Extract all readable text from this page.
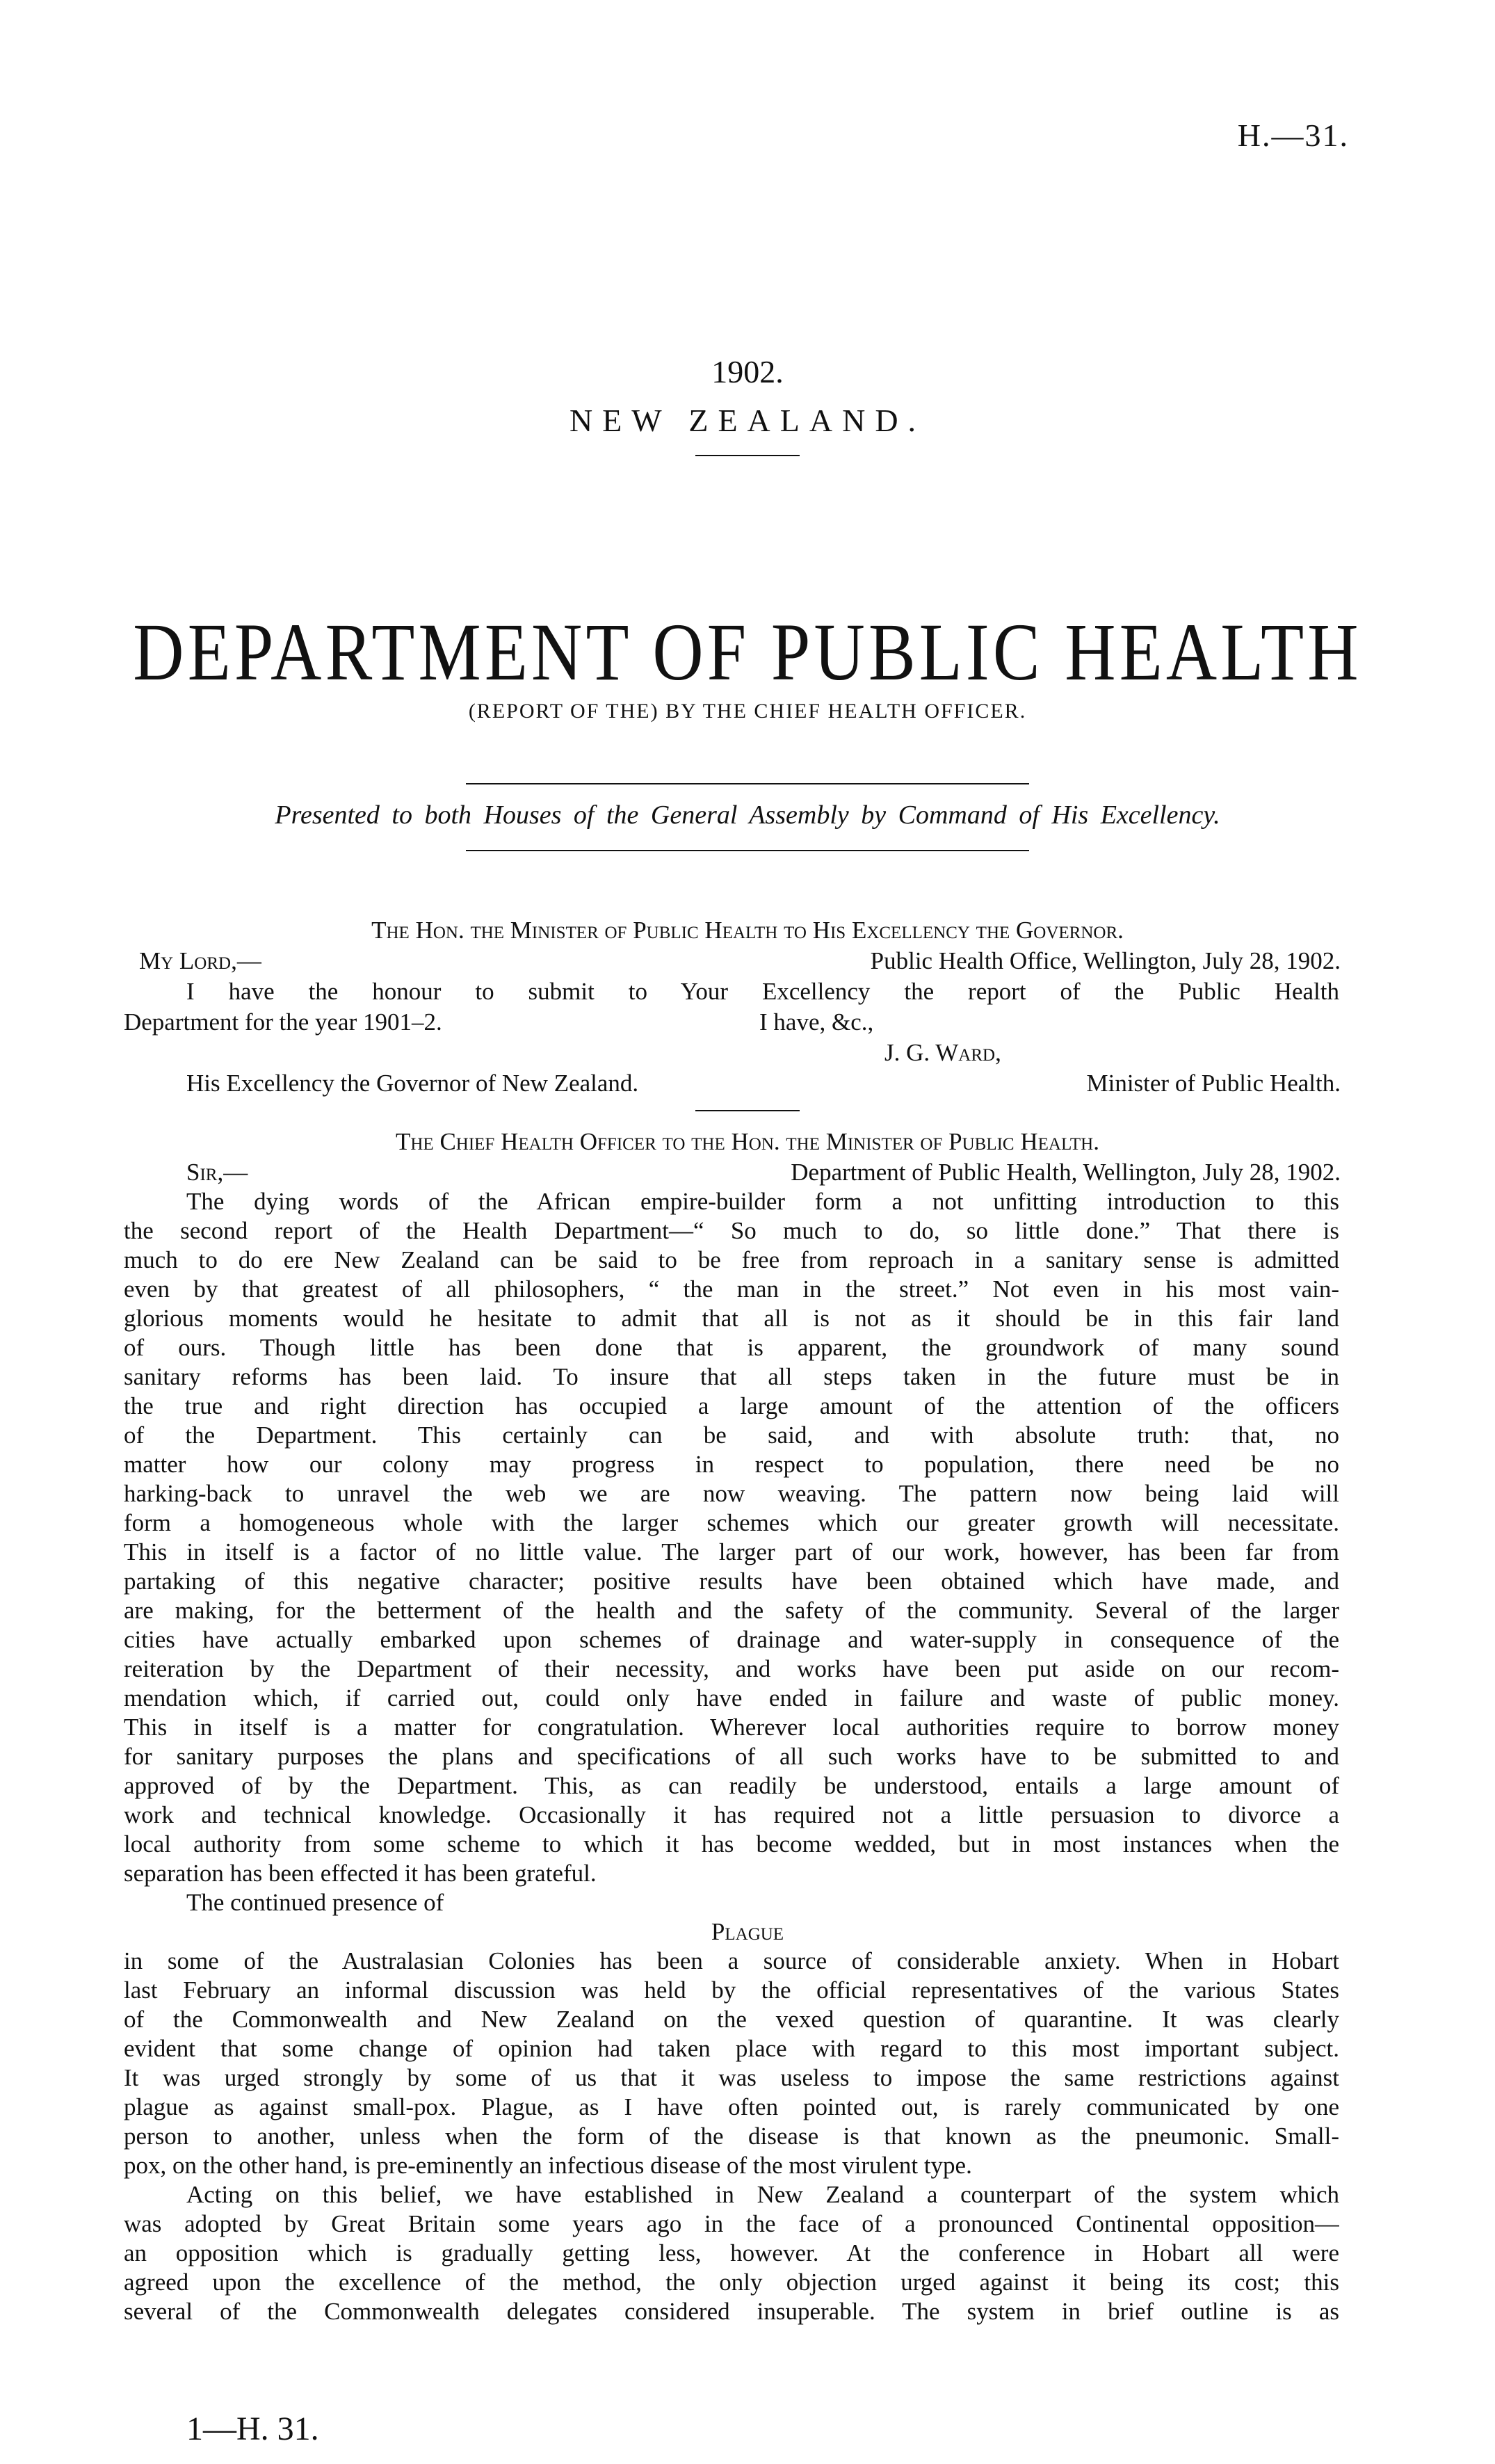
H.—31.
1902.
NEW ZEALAND.
DEPARTMENT OF PUBLIC HEALTH
(REPORT OF THE) BY THE CHIEF HEALTH OFFICER.
Presented to both Houses of the General Assembly by Command of His Excellency.
The Hon. the Minister of Public Health to His Excellency the Governor.
My Lord,—	Public Health Office, Wellington, July 28, 1902.
I have the honour to submit to Your Excellency the report of the Public Health
Department for the year 1901–2.	I have, &c.,
J. G. Ward,
His Excellency the Governor of New Zealand.	Minister of Public Health.
The Chief Health Officer to the Hon. the Minister of Public Health.
Sir,—	Department of Public Health, Wellington, July 28, 1902.
The dying words of the African empire-builder form a not unfitting introduction to this
the second report of the Health Department—“ So much to do, so little done.” That there is
much to do ere New Zealand can be said to be free from reproach in a sanitary sense is admitted
even by that greatest of all philosophers, “ the man in the street.” Not even in his most vain-
glorious moments would he hesitate to admit that all is not as it should be in this fair land
of ours. Though little has been done that is apparent, the groundwork of many sound
sanitary reforms has been laid. To insure that all steps taken in the future must be in
the true and right direction has occupied a large amount of the attention of the officers
of the Department. This certainly can be said, and with absolute truth: that, no
matter how our colony may progress in respect to population, there need be no
harking-back to unravel the web we are now weaving. The pattern now being laid will
form a homogeneous whole with the larger schemes which our greater growth will necessitate.
This in itself is a factor of no little value. The larger part of our work, however, has been far from
partaking of this negative character; positive results have been obtained which have made, and
are making, for the betterment of the health and the safety of the community. Several of the larger
cities have actually embarked upon schemes of drainage and water-supply in consequence of the
reiteration by the Department of their necessity, and works have been put aside on our recom-
mendation which, if carried out, could only have ended in failure and waste of public money.
This in itself is a matter for congratulation. Wherever local authorities require to borrow money
for sanitary purposes the plans and specifications of all such works have to be submitted to and
approved of by the Department. This, as can readily be understood, entails a large amount of
work and technical knowledge. Occasionally it has required not a little persuasion to divorce a
local authority from some scheme to which it has become wedded, but in most instances when the
separation has been effected it has been grateful.
The continued presence of
Plague
in some of the Australasian Colonies has been a source of considerable anxiety. When in Hobart
last February an informal discussion was held by the official representatives of the various States
of the Commonwealth and New Zealand on the vexed question of quarantine. It was clearly
evident that some change of opinion had taken place with regard to this most important subject.
It was urged strongly by some of us that it was useless to impose the same restrictions against
plague as against small-pox. Plague, as I have often pointed out, is rarely communicated by one
person to another, unless when the form of the disease is that known as the pneumonic. Small-
pox, on the other hand, is pre-eminently an infectious disease of the most virulent type.
Acting on this belief, we have established in New Zealand a counterpart of the system which
was adopted by Great Britain some years ago in the face of a pronounced Continental opposition—
an opposition which is gradually getting less, however. At the conference in Hobart all were
agreed upon the excellence of the method, the only objection urged against it being its cost; this
several of the Commonwealth delegates considered insuperable. The system in brief outline is as
1—H. 31.
